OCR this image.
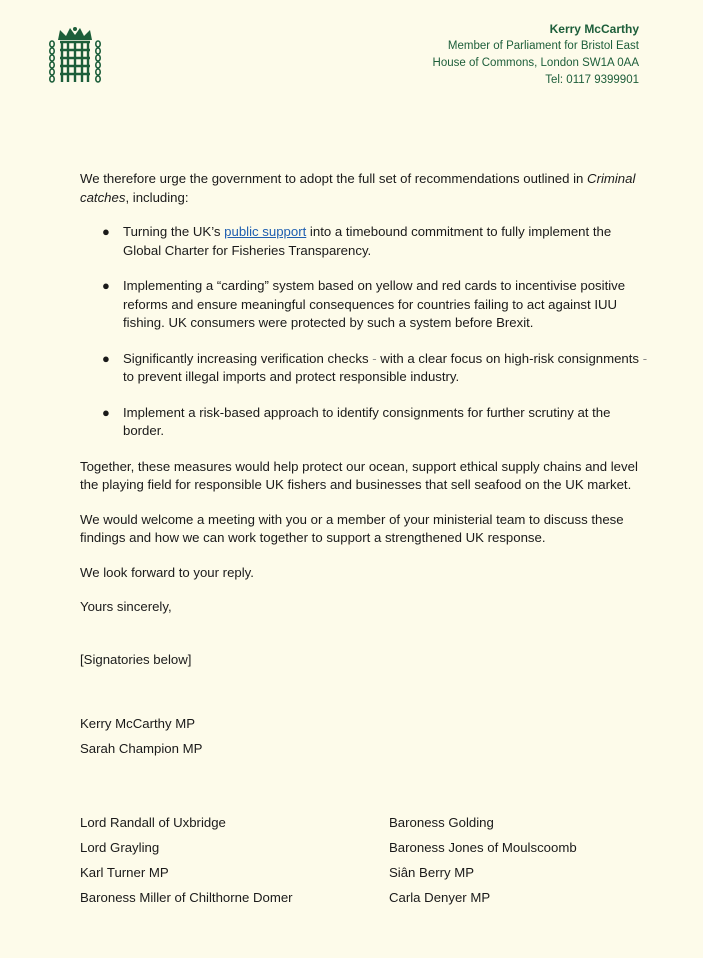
Kerry McCarthy
Member of Parliament for Bristol East
House of Commons, London SW1A 0AA
Tel: 0117 9399901

We therefore urge the government to adopt the full set of recommendations outlined in Criminal catches, including:

● Turning the UK’s public support into a timebound commitment to fully implement the Global Charter for Fisheries Transparency.
● Implementing a “carding” system based on yellow and red cards to incentivise positive reforms and ensure meaningful consequences for countries failing to act against IUU fishing. UK consumers were protected by such a system before Brexit.
● Significantly increasing verification checks - with a clear focus on high-risk consignments - to prevent illegal imports and protect responsible industry.
● Implement a risk-based approach to identify consignments for further scrutiny at the border.

Together, these measures would help protect our ocean, support ethical supply chains and level the playing field for responsible UK fishers and businesses that sell seafood on the UK market.

We would welcome a meeting with you or a member of your ministerial team to discuss these findings and how we can work together to support a strengthened UK response.

We look forward to your reply.

Yours sincerely,

[Signatories below]

Kerry McCarthy MP
Sarah Champion MP
Lord Randall of Uxbridge
Lord Grayling
Karl Turner MP
Baroness Miller of Chilthorne Domer
Baroness Golding
Baroness Jones of Moulscoomb
Siân Berry MP
Carla Denyer MP
